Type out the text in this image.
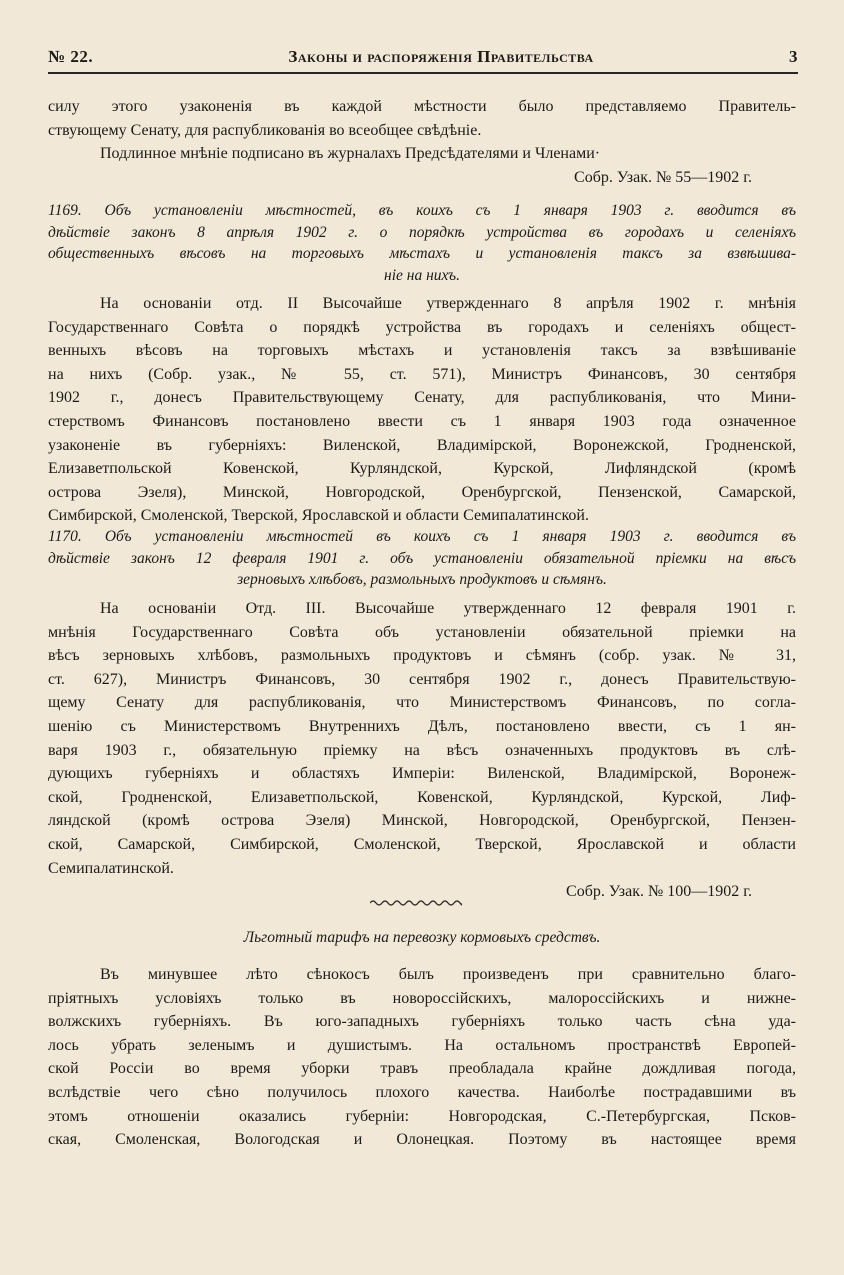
№ 22.	Законы и распоряженія Правительства	3
силу этого узаконенія въ каждой мѣстности было представляемо Правитель-
ствующему Сенату, для распубликованія во всеобщее свѣдѣніе.
Подлинное мнѣніе подписано въ журналахъ Предсѣдателями и Членами·
Собр. Узак. № 55—1902 г.
1169. Объ установленіи мѣстностей, въ коихъ съ 1 января 1903 г. вводится въ
дѣйствіе законъ 8 апрѣля 1902 г. о порядкѣ устройства въ городахъ и селеніяхъ
общественныхъ вѣсовъ на торговыхъ мѣстахъ и установленія таксъ за взвѣшива-
ніе на нихъ.
На основаніи отд. II Высочайше утвержденнаго 8 апрѣля 1902 г. мнѣнія
Государственнаго Совѣта о порядкѣ устройства въ городахъ и селеніяхъ общест-
венныхъ вѣсовъ на торговыхъ мѣстахъ и установленія таксъ за взвѣшиваніе
на нихъ (Собр. узак., № 55, ст. 571), Министръ Финансовъ, 30 сентября
1902 г., донесъ Правительствующему Сенату, для распубликованія, что Мини-
стерствомъ Финансовъ постановлено ввести съ 1 января 1903 года означенное
узаконеніе въ губерніяхъ: Виленской, Владимірской, Воронежской, Гродненской,
Елизаветпольской Ковенской, Курляндской, Курской, Лифляндской (кромѣ
острова Эзеля), Минской, Новгородской, Оренбургской, Пензенской, Самарской,
Симбирской, Смоленской, Тверской, Ярославской и области Семипалатинской.
1170. Объ установленіи мѣстностей въ коихъ съ 1 января 1903 г. вводится въ
дѣйствіе законъ 12 февраля 1901 г. объ установленіи обязательной пріемки на вѣсъ
зерновыхъ хлѣбовъ, размольныхъ продуктовъ и сѣмянъ.
На основаніи Отд. III. Высочайше утвержденнаго 12 февраля 1901 г.
мнѣнія Государственнаго Совѣта объ установленіи обязательной пріемки на
вѣсъ зерновыхъ хлѣбовъ, размольныхъ продуктовъ и сѣмянъ (собр. узак. № 31,
ст. 627), Министръ Финансовъ, 30 сентября 1902 г., донесъ Правительствую-
щему Сенату для распубликованія, что Министерствомъ Финансовъ, по согла-
шенію съ Министерствомъ Внутреннихъ Дѣлъ, постановлено ввести, съ 1 ян-
варя 1903 г., обязательную пріемку на вѣсъ означенныхъ продуктовъ въ слѣ-
дующихъ губерніяхъ и областяхъ Имперіи: Виленской, Владимірской, Воронеж-
ской, Гродненской, Елизаветпольской, Ковенской, Курляндской, Курской, Лиф-
ляндской (кромѣ острова Эзеля) Минской, Новгородской, Оренбургской, Пензен-
ской, Самарской, Симбирской, Смоленской, Тверской, Ярославской и области
Семипалатинской.
Собр. Узак. № 100—1902 г.
Льготный тарифъ на перевозку кормовыхъ средствъ.
Въ минувшее лѣто сѣнокосъ былъ произведенъ при сравнительно благо-
пріятныхъ условіяхъ только въ новороссійскихъ, малороссійскихъ и нижне-
волжскихъ губерніяхъ. Въ юго-западныхъ губерніяхъ только часть сѣна уда-
лось убрать зеленымъ и душистымъ. На остальномъ пространствѣ Европей-
ской Россіи во время уборки травъ преобладала крайне дождливая погода,
вслѣдствіе чего сѣно получилось плохого качества. Наиболѣе пострадавшими въ
этомъ отношеніи оказались губерніи: Новгородская, С.-Петербургская, Псков-
ская, Смоленская, Вологодская и Олонецкая. Поэтому въ настоящее время
